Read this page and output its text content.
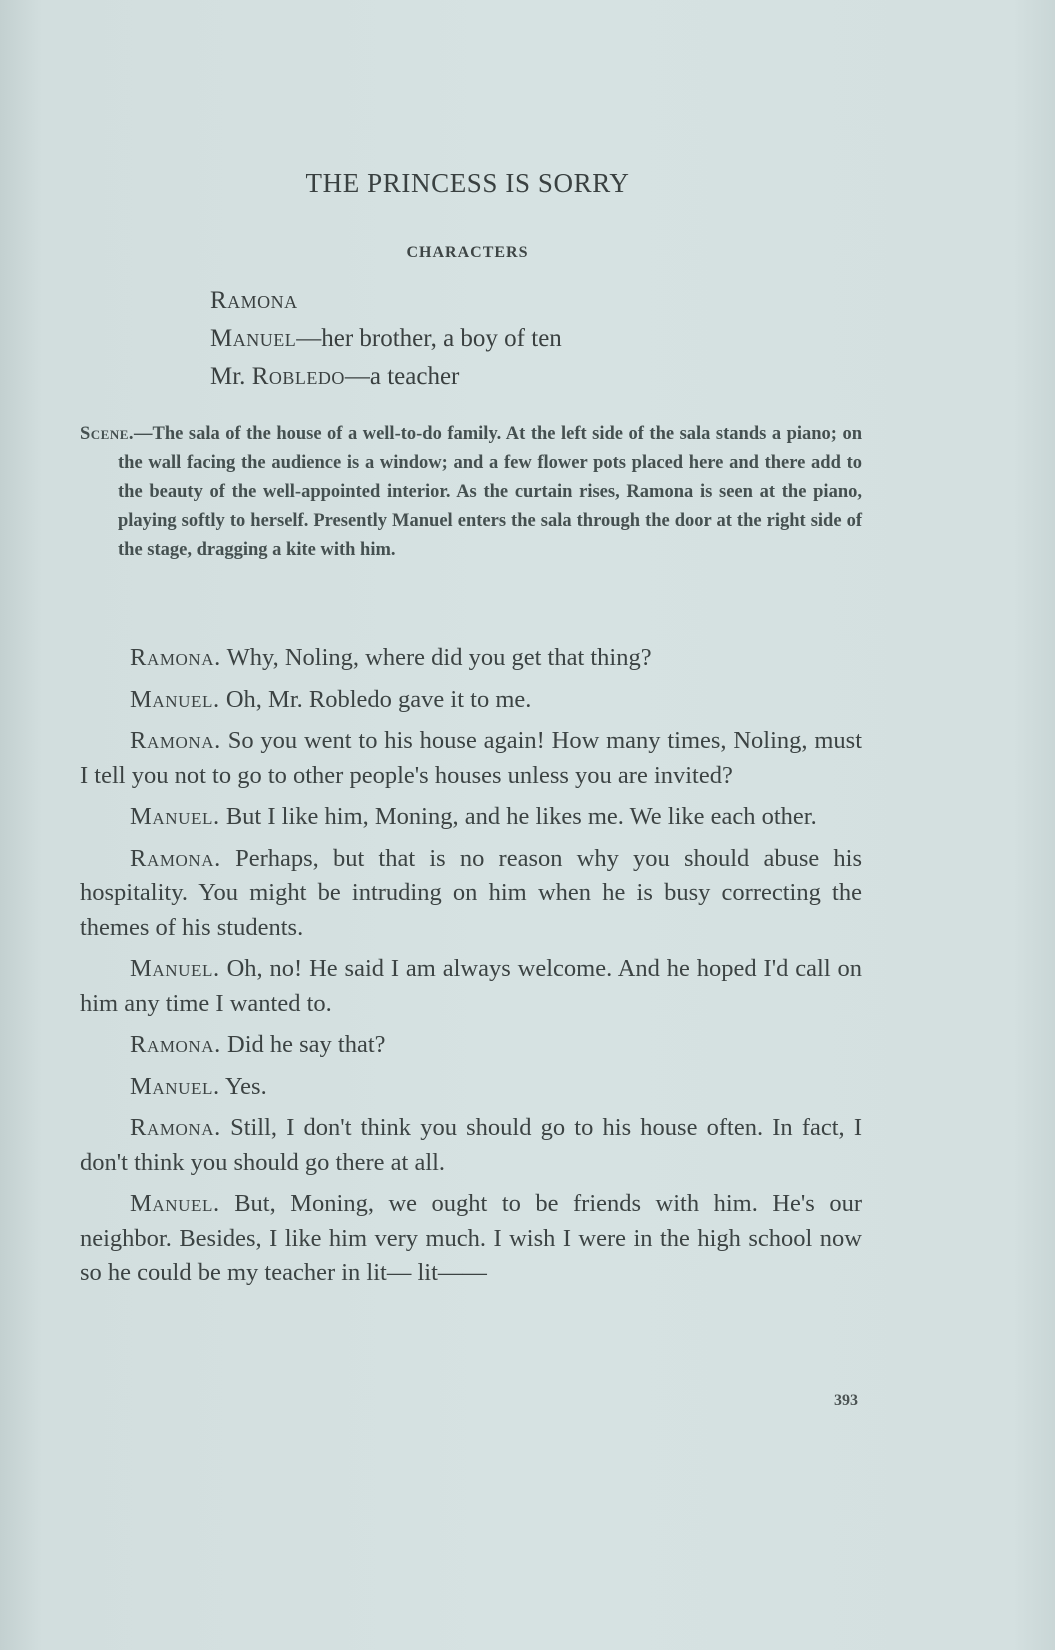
THE PRINCESS IS SORRY
CHARACTERS
Ramona
Manuel—her brother, a boy of ten
Mr. Robledo—a teacher
Scene.—The sala of the house of a well-to-do family. At the left side of the sala stands a piano; on the wall facing the audience is a window; and a few flower pots placed here and there add to the beauty of the well-appointed interior. As the curtain rises, Ramona is seen at the piano, playing softly to herself. Presently Manuel enters the sala through the door at the right side of the stage, dragging a kite with him.

Ramona. Why, Noling, where did you get that thing?

Manuel. Oh, Mr. Robledo gave it to me.

Ramona. So you went to his house again! How many times, Noling, must I tell you not to go to other people's houses unless you are invited?

Manuel. But I like him, Moning, and he likes me. We like each other.

Ramona. Perhaps, but that is no reason why you should abuse his hospitality. You might be intruding on him when he is busy correcting the themes of his students.

Manuel. Oh, no! He said I am always welcome. And he hoped I'd call on him any time I wanted to.

Ramona. Did he say that?

Manuel. Yes.

Ramona. Still, I don't think you should go to his house often. In fact, I don't think you should go there at all.

Manuel. But, Moning, we ought to be friends with him. He's our neighbor. Besides, I like him very much. I wish I were in the high school now so he could be my teacher in lit— lit——

393
